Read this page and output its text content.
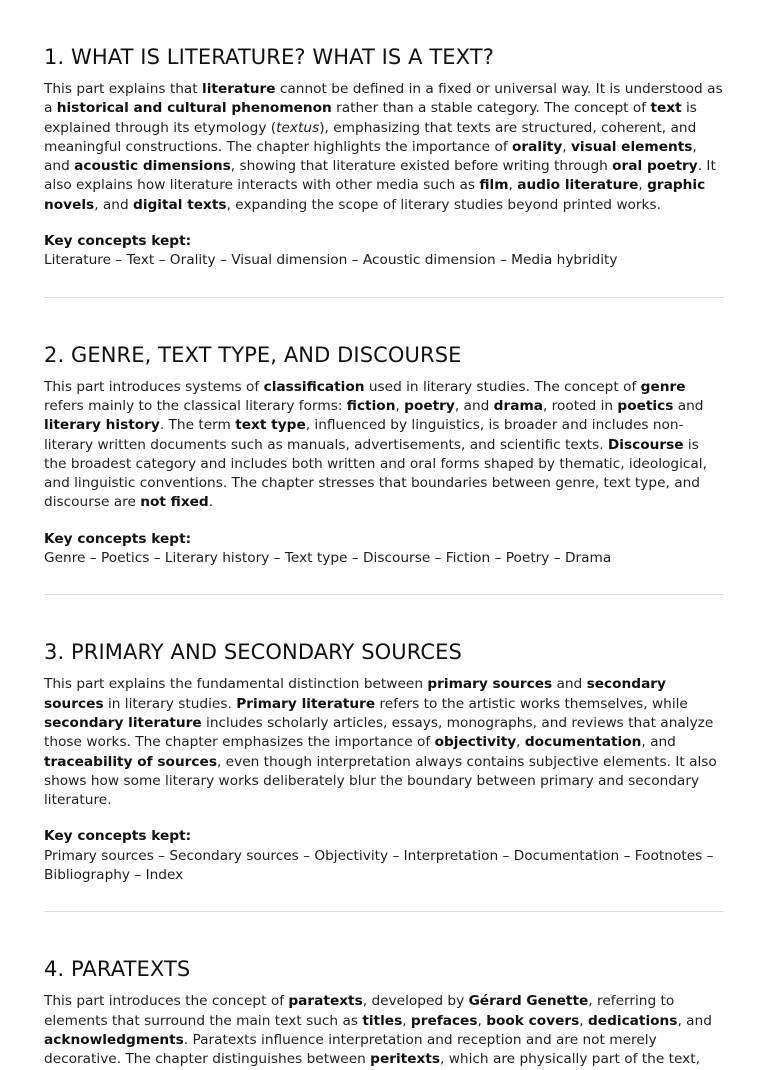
1. WHAT IS LITERATURE? WHAT IS A TEXT?

This part explains that literature cannot be defined in a fixed or universal way. It is understood as a historical and cultural phenomenon rather than a stable category. The concept of text is explained through its etymology (textus), emphasizing that texts are structured, coherent, and meaningful constructions. The chapter highlights the importance of orality, visual elements, and acoustic dimensions, showing that literature existed before writing through oral poetry. It also explains how literature interacts with other media such as film, audio literature, graphic novels, and digital texts, expanding the scope of literary studies beyond printed works.

Key concepts kept:
Literature – Text – Orality – Visual dimension – Acoustic dimension – Media hybridity
2. GENRE, TEXT TYPE, AND DISCOURSE

This part introduces systems of classification used in literary studies. The concept of genre refers mainly to the classical literary forms: fiction, poetry, and drama, rooted in poetics and literary history. The term text type, influenced by linguistics, is broader and includes non-literary written documents such as manuals, advertisements, and scientific texts. Discourse is the broadest category and includes both written and oral forms shaped by thematic, ideological, and linguistic conventions. The chapter stresses that boundaries between genre, text type, and discourse are not fixed.

Key concepts kept:
Genre – Poetics – Literary history – Text type – Discourse – Fiction – Poetry – Drama
3. PRIMARY AND SECONDARY SOURCES

This part explains the fundamental distinction between primary sources and secondary sources in literary studies. Primary literature refers to the artistic works themselves, while secondary literature includes scholarly articles, essays, monographs, and reviews that analyze those works. The chapter emphasizes the importance of objectivity, documentation, and traceability of sources, even though interpretation always contains subjective elements. It also shows how some literary works deliberately blur the boundary between primary and secondary literature.

Key concepts kept:
Primary sources – Secondary sources – Objectivity – Interpretation – Documentation – Footnotes – Bibliography – Index
4. PARATEXTS

This part introduces the concept of paratexts, developed by Gérard Genette, referring to elements that surround the main text such as titles, prefaces, book covers, dedications, and acknowledgments. Paratexts influence interpretation and reception and are not merely decorative. The chapter distinguishes between peritexts, which are physically part of the text,
